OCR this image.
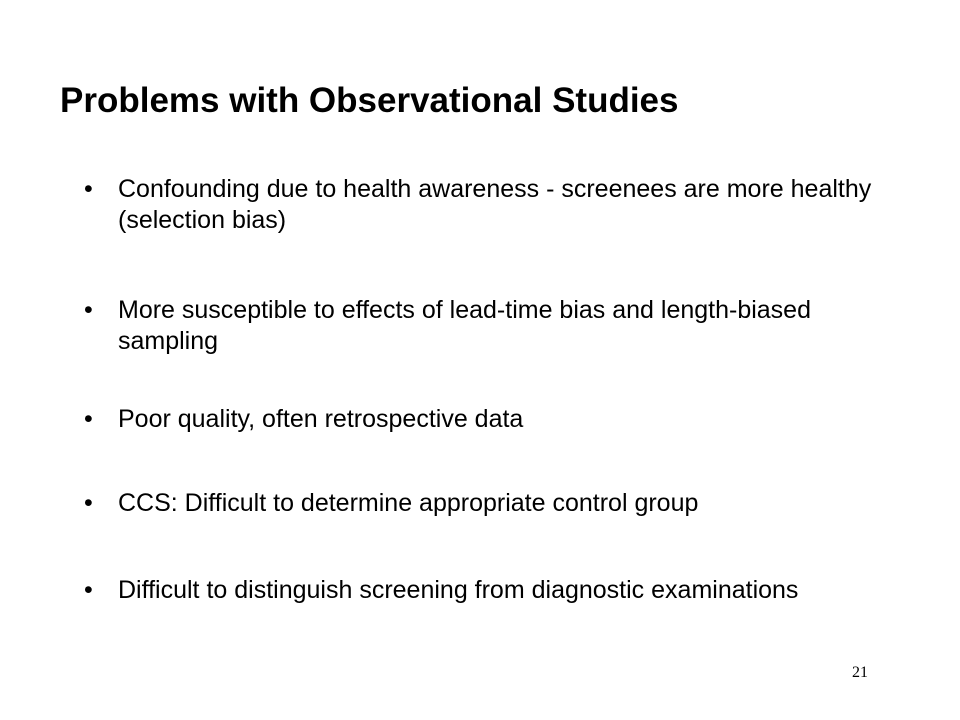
Problems with Observational Studies
• Confounding due to health awareness - screenees are more healthy (selection bias)
• More susceptible to effects of lead-time bias and length-biased sampling
• Poor quality, often retrospective data
• CCS: Difficult to determine appropriate control group
• Difficult to distinguish screening from diagnostic examinations
21
